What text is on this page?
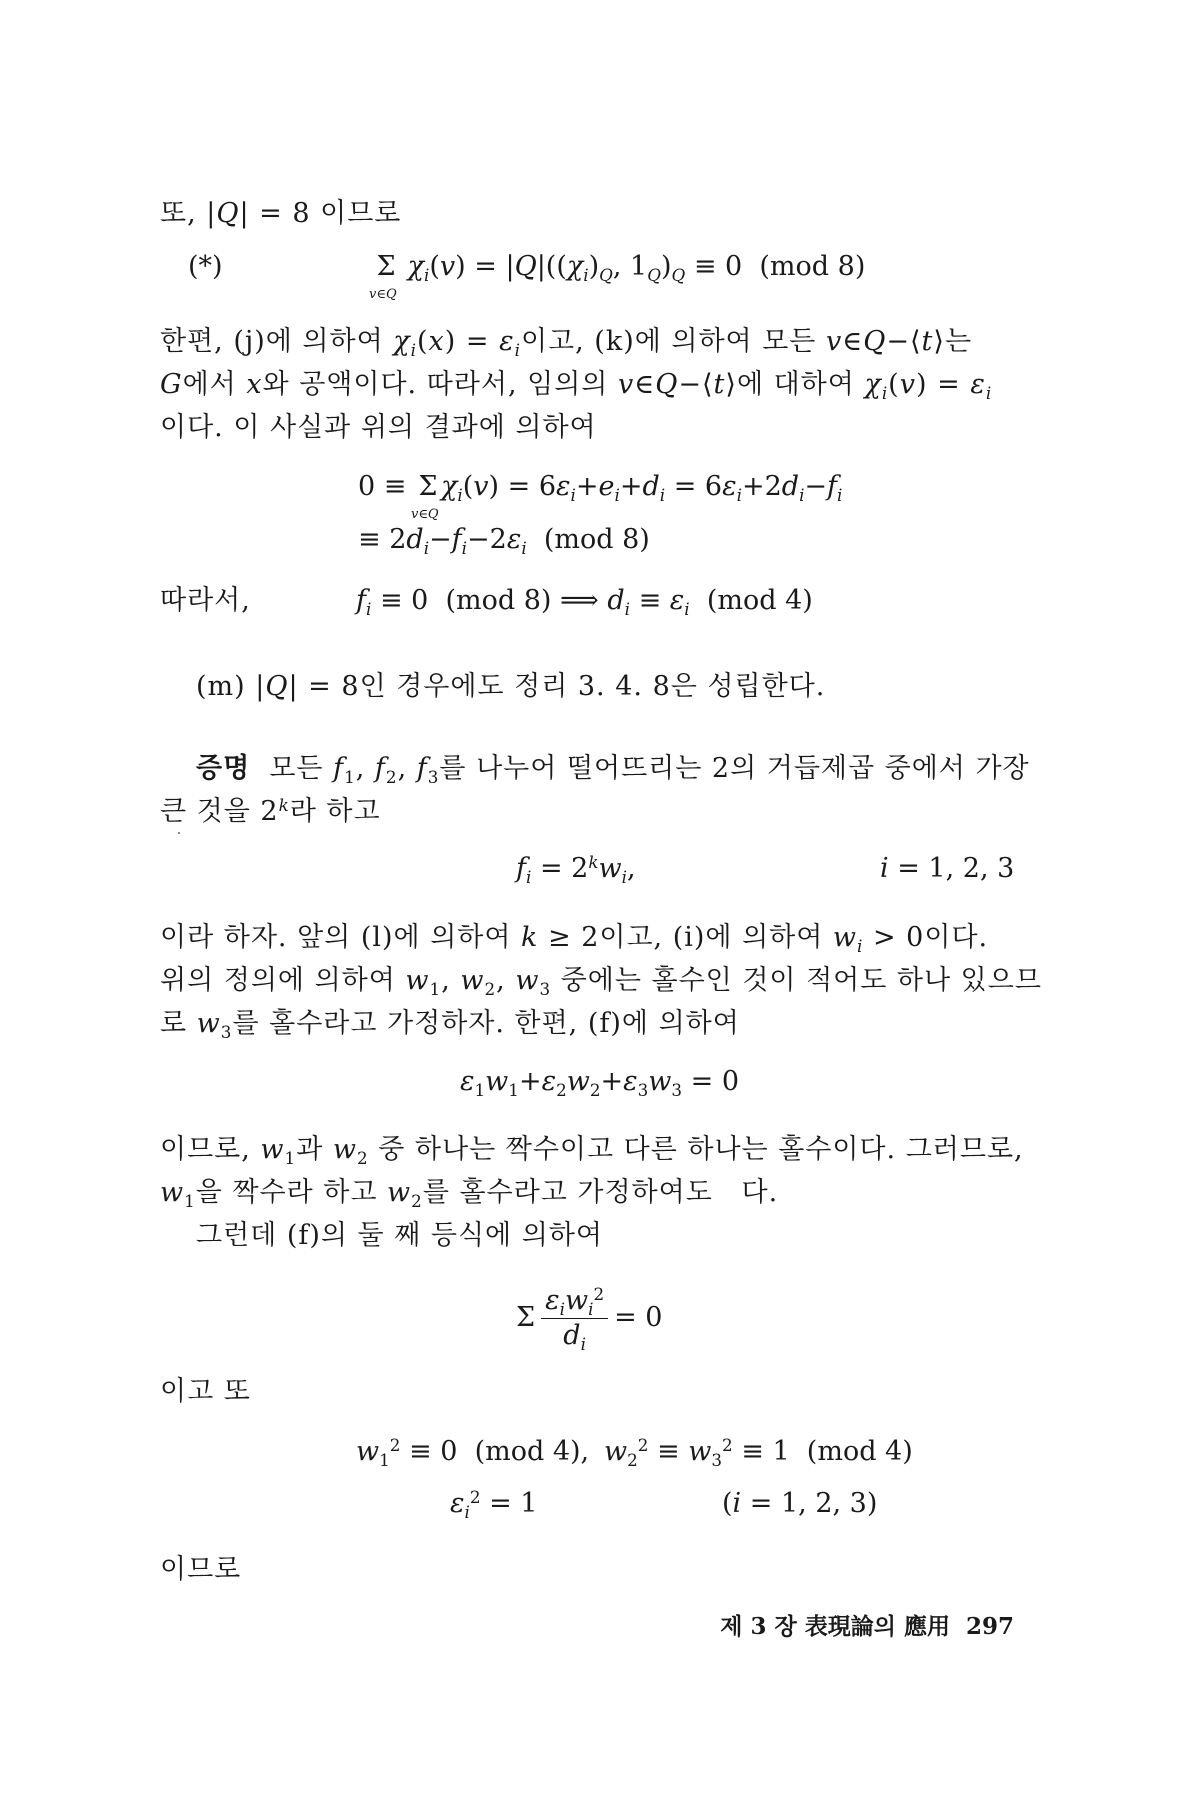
또, |Q| = 8 이므로
(*)	Σ
v∈Q
$\chi_i(v) = |Q|((\chi_i)_Q$, $1_Q)_Q \equiv 0$  (mod 8)
한편, (j)에 의하여 $\chi_i(x) = \varepsilon_i$이고, (k)에 의하여 모든 v∈Q−⟨t⟩는
G에서 x와 공액이다. 따라서, 임의의 v∈Q−⟨t⟩에 대하여 $\chi_i(v) = \varepsilon_i$
이다. 이 사실과 위의 결과에 의하여
0 ≡ Σ
v∈Q
$\chi_i(v) = 6\varepsilon_i+e_i+d_i = 6\varepsilon_i+2d_i-f_i$
≡ $2d_i-f_i-2\varepsilon_i$  (mod 8)
따라서,	$f_i \equiv 0$  (mod 8) ⟹ $d_i \equiv \varepsilon_i$  (mod 4)
(m) |Q| = 8인 경우에도 정리 3. 4. 8은 성립한다.
증명  모든 $f_1$, $f_2$, $f_3$를 나누어 떨어뜨리는 2의 거듭제곱 중에서 가장
큰 것을 2$^k$라 하고
$f_i = 2^kw_i$,	i = 1, 2, 3
이라 하자. 앞의 (l)에 의하여 k ≥ 2이고, (i)에 의하여 $w_i > 0$이다.
위의 정의에 의하여 $w_1$, $w_2$, $w_3$ 중에는 홀수인 것이 적어도 하나 있으므
로 $w_3$를 홀수라고 가정하자. 한편, (f)에 의하여
$\varepsilon_1w_1+\varepsilon_2w_2+\varepsilon_3w_3 = 0$
이므로, $w_1$과 $w_2$ 중 하나는 짝수이고 다른 하나는 홀수이다. 그러므로,
$w_1$을 짝수라 하고 $w_2$를 홀수라고 가정하여도   다.
그런데 (f)의 둘 째 등식에 의하여
Σ $\frac{\varepsilon_iw_i^2}{d_i} = 0$
이고 또
$w_1^2 \equiv 0$  (mod 4), $w_2^2 \equiv w_3^2 \equiv 1$  (mod 4)
$\varepsilon_i^2 = 1$	(i = 1, 2, 3)
이므로
제 3 장 表現論의 應用 297
